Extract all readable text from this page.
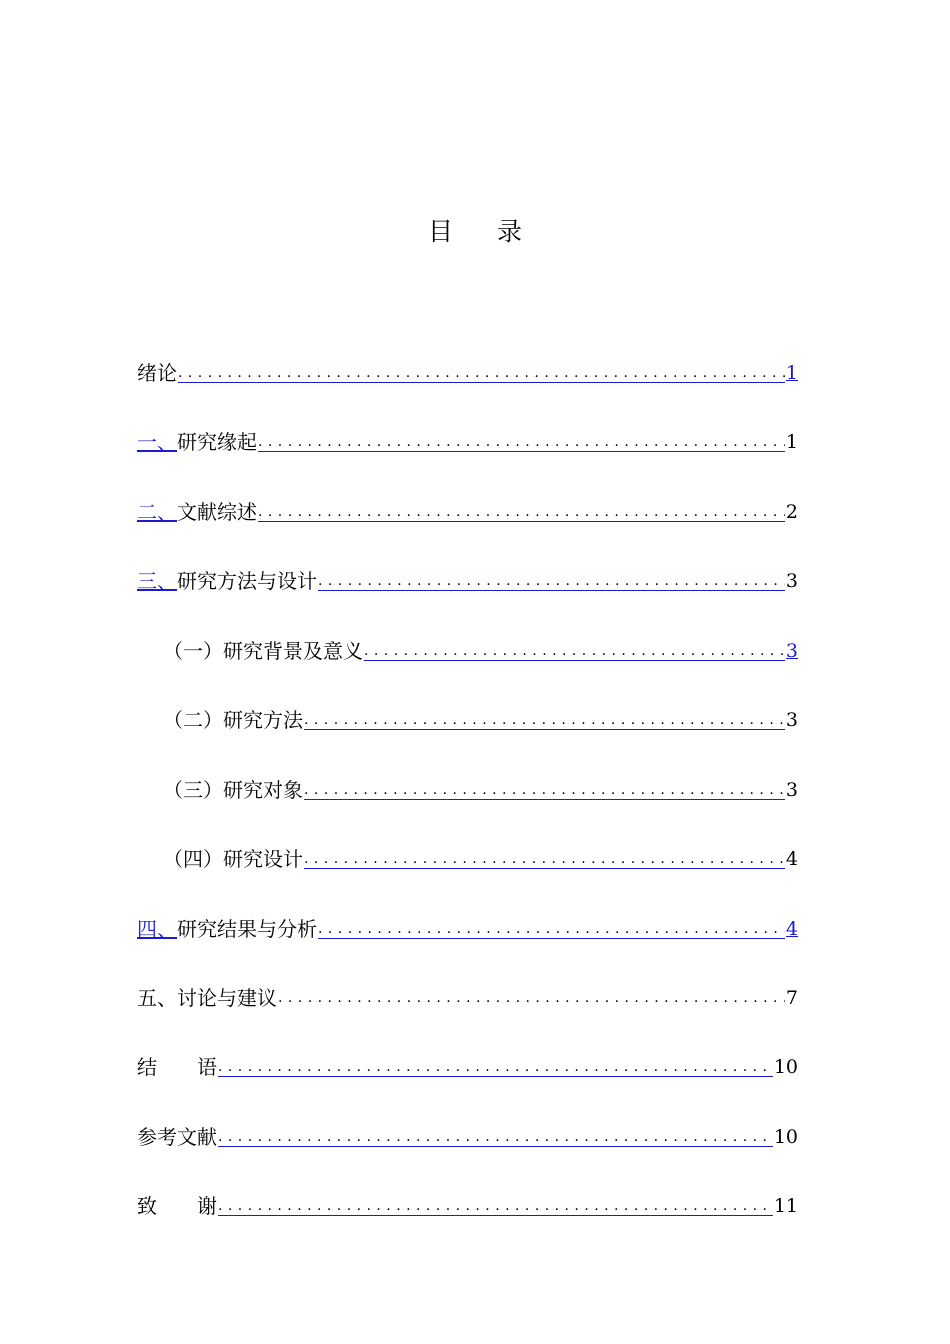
目 录
绪论 . . .	1
一、 研究缘起 . . .	1
二、 文献综述 . . .	2
三、 研究方法与设计 . . .	3
（一）研究背景及意义 . . .	3
（二）研究方法 . . .	3
（三）研究对象 . . .	3
（四）研究设计 . . .	4
四、 研究结果与分析 . . .	4
五、讨论与建议 . . .	7
结　　语 . . .	10
参考文献 . . .	10
致　　谢 . . .	11
